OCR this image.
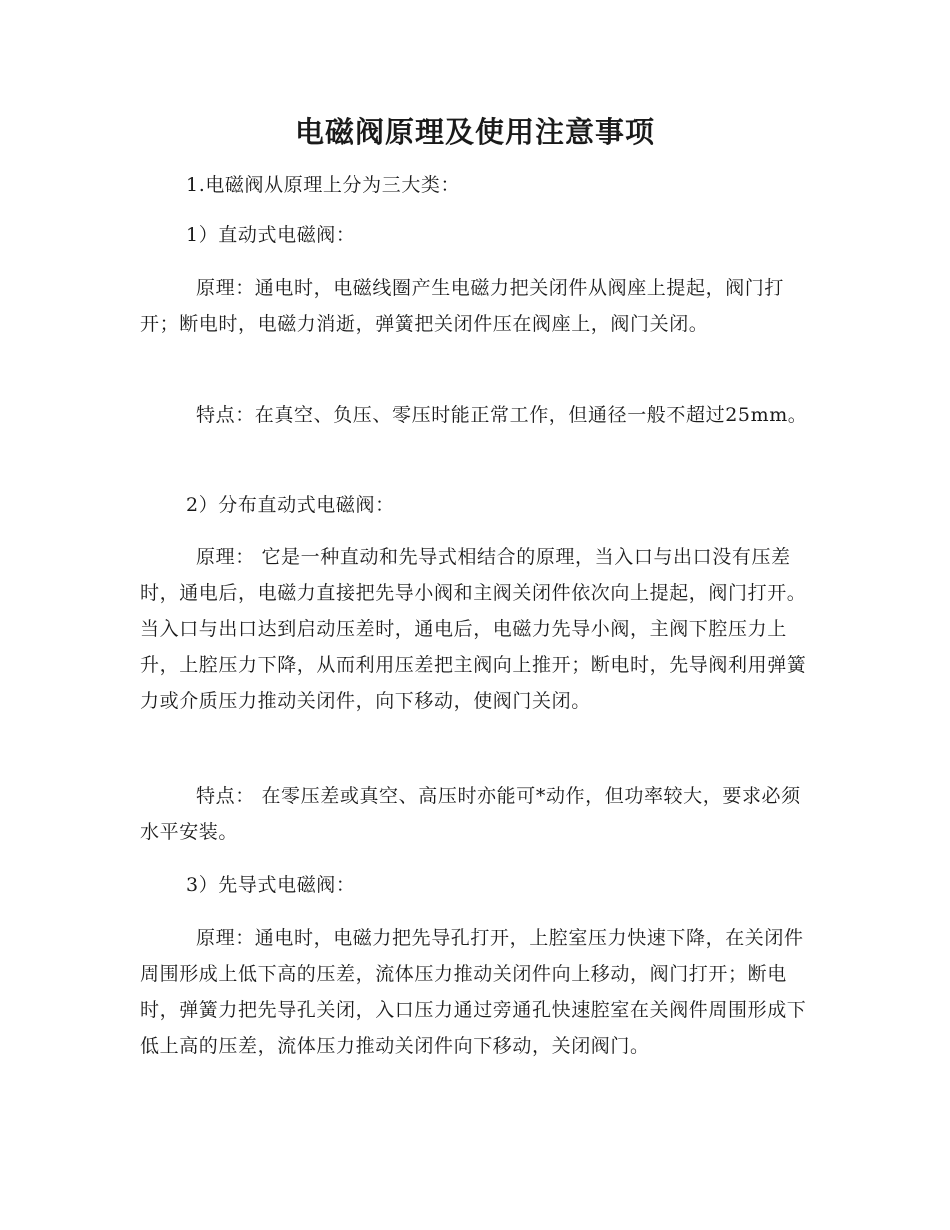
电磁阀原理及使用注意事项

1.电磁阀从原理上分为三大类：

1）直动式电磁阀：

原理：通电时，电磁线圈产生电磁力把关闭件从阀座上提起，阀门打开；断电时，电磁力消逝，弹簧把关闭件压在阀座上，阀门关闭。

特点：在真空、负压、零压时能正常工作，但通径一般不超过25mm。

2）分布直动式电磁阀：

原理： 它是一种直动和先导式相结合的原理，当入口与出口没有压差时，通电后，电磁力直接把先导小阀和主阀关闭件依次向上提起，阀门打开。当入口与出口达到启动压差时，通电后，电磁力先导小阀，主阀下腔压力上升，上腔压力下降，从而利用压差把主阀向上推开；断电时，先导阀利用弹簧力或介质压力推动关闭件，向下移动，使阀门关闭。

特点： 在零压差或真空、高压时亦能可*动作，但功率较大，要求必须水平安装。

3）先导式电磁阀：

原理：通电时，电磁力把先导孔打开，上腔室压力快速下降，在关闭件周围形成上低下高的压差，流体压力推动关闭件向上移动，阀门打开；断电时，弹簧力把先导孔关闭，入口压力通过旁通孔快速腔室在关阀件周围形成下低上高的压差，流体压力推动关闭件向下移动，关闭阀门。
